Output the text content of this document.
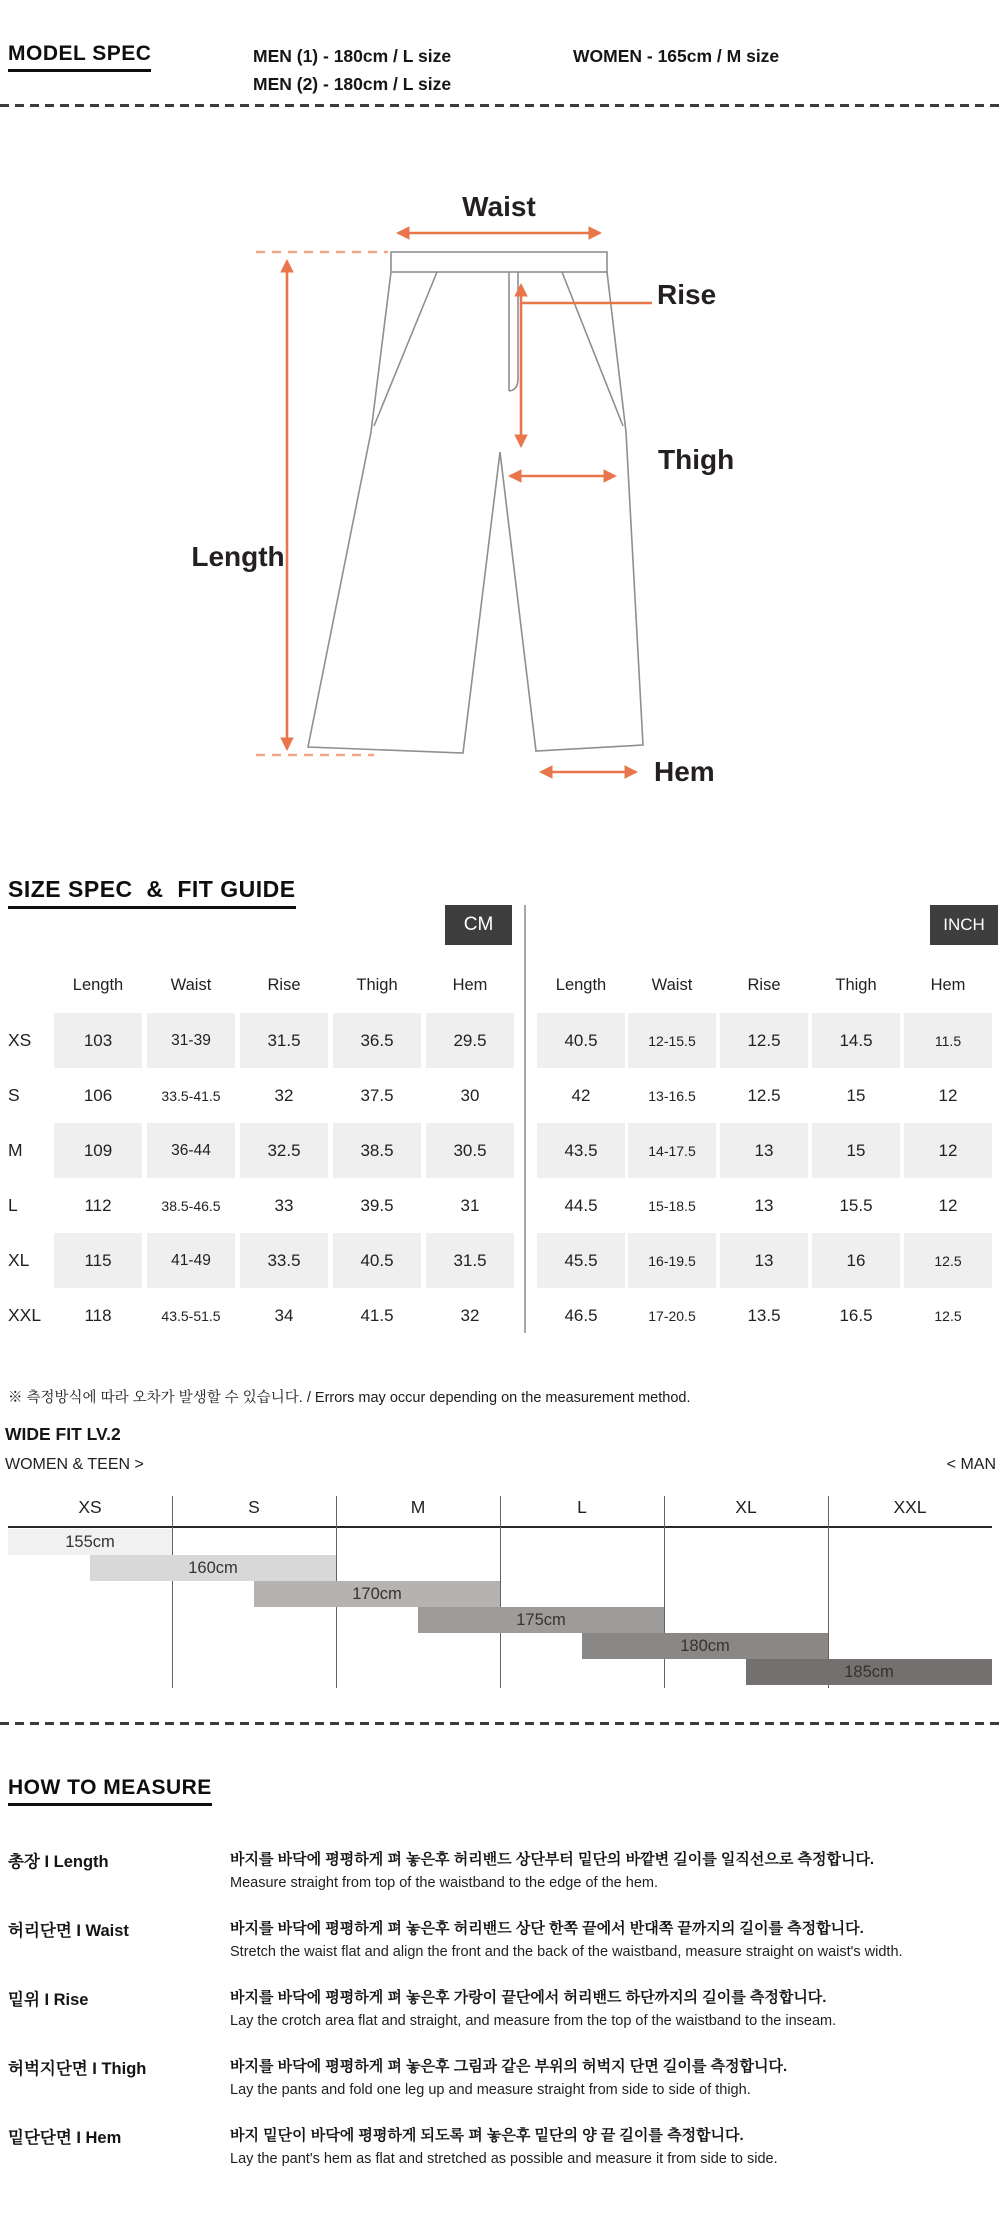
MODEL SPEC	MEN (1) - 180cm / L size	WOMEN - 165cm / M size
MEN (2) - 180cm / L size
Waist
Rise
Thigh
Length
Hem
SIZE SPEC  &  FIT GUIDE
CM	INCH
Length	Waist	Rise	Thigh	Hem
XS	103	31-39	31.5	36.5	29.5
S	106	33.5-41.5	32	37.5	30
M	109	36-44	32.5	38.5	30.5
L	112	38.5-46.5	33	39.5	31
XL	115	41-49	33.5	40.5	31.5
XXL	118	43.5-51.5	34	41.5	32
Length	Waist	Rise	Thigh	Hem
40.5	12-15.5	12.5	14.5	11.5
42	13-16.5	12.5	15	12
43.5	14-17.5	13	15	12
44.5	15-18.5	13	15.5	12
45.5	16-19.5	13	16	12.5
46.5	17-20.5	13.5	16.5	12.5
※ 측정방식에 따라 오차가 발생할 수 있습니다. / Errors may occur depending on the measurement method.
WIDE FIT LV.2
WOMEN & TEEN >	< MAN
XS	S	M	L	XL	XXL
155cm
160cm
170cm
175cm
180cm
185cm
HOW TO MEASURE
총장 I Length	바지를 바닥에 평평하게 펴 놓은후 허리밴드 상단부터 밑단의 바깥변 길이를 일직선으로 측정합니다.
Measure straight from top of the waistband to the edge of the hem.
허리단면 I Waist	바지를 바닥에 평평하게 펴 놓은후 허리밴드 상단 한쪽 끝에서 반대쪽 끝까지의 길이를 측정합니다.
Stretch the waist flat and align the front and the back of the waistband, measure straight on waist's width.
밑위 I Rise	바지를 바닥에 평평하게 펴 놓은후 가랑이 끝단에서 허리밴드 하단까지의 길이를 측정합니다.
Lay the crotch area flat and straight, and measure from the top of the waistband to the inseam.
허벅지단면 I Thigh	바지를 바닥에 평평하게 펴 놓은후 그림과 같은 부위의 허벅지 단면 길이를 측정합니다.
Lay the pants and fold one leg up and measure straight from side to side of thigh.
밑단단면 I Hem	바지 밑단이 바닥에 평평하게 되도록 펴 놓은후 밑단의 양 끝 길이를 측정합니다.
Lay the pant's hem as flat and stretched as possible and measure it from side to side.
